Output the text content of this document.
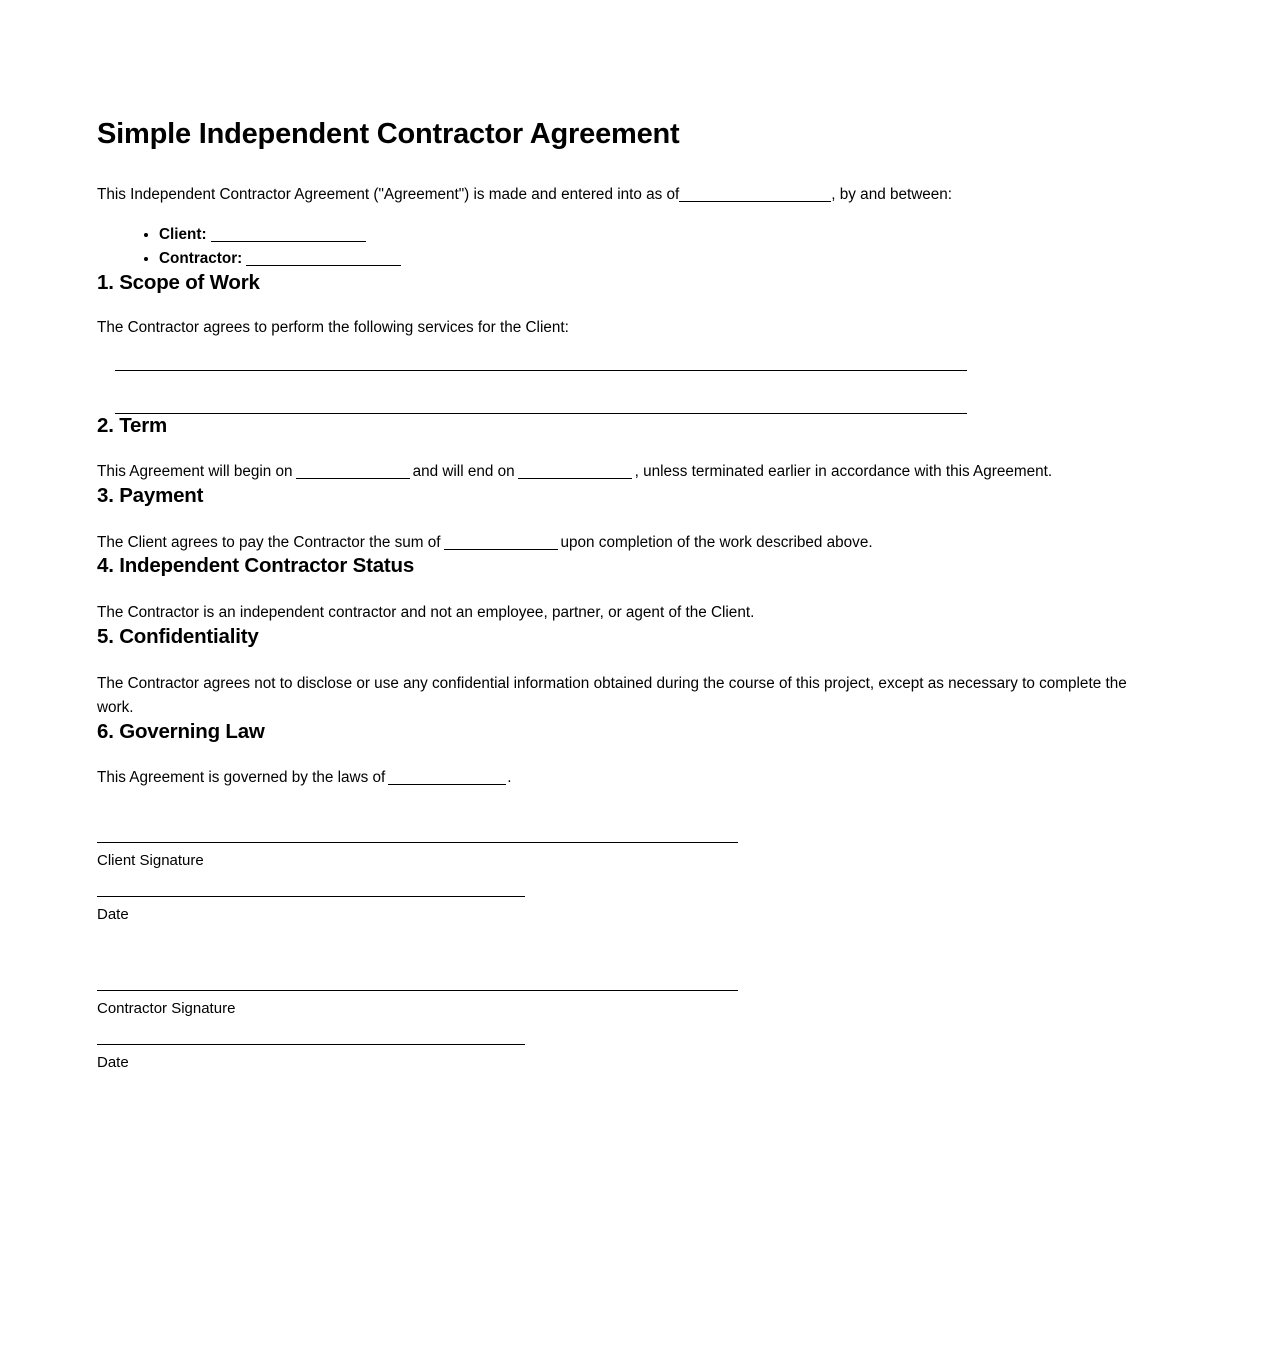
Simple Independent Contractor Agreement

This Independent Contractor Agreement ("Agreement") is made and entered into as of	, by and between:

• Client:
• Contractor:
1. Scope of Work

The Contractor agrees to perform the following services for the Client:

2. Term

This Agreement will begin on	and will end on	, unless terminated earlier in accordance with this Agreement.

3. Payment

The Client agrees to pay the Contractor the sum of	upon completion of the work described above.

4. Independent Contractor Status

The Contractor is an independent contractor and not an employee, partner, or agent of the Client.

5. Confidentiality

The Contractor agrees not to disclose or use any confidential information obtained during the course of this project, except as necessary to complete the work.

6. Governing Law

This Agreement is governed by the laws of	.

Client Signature

Date

Contractor Signature

Date
